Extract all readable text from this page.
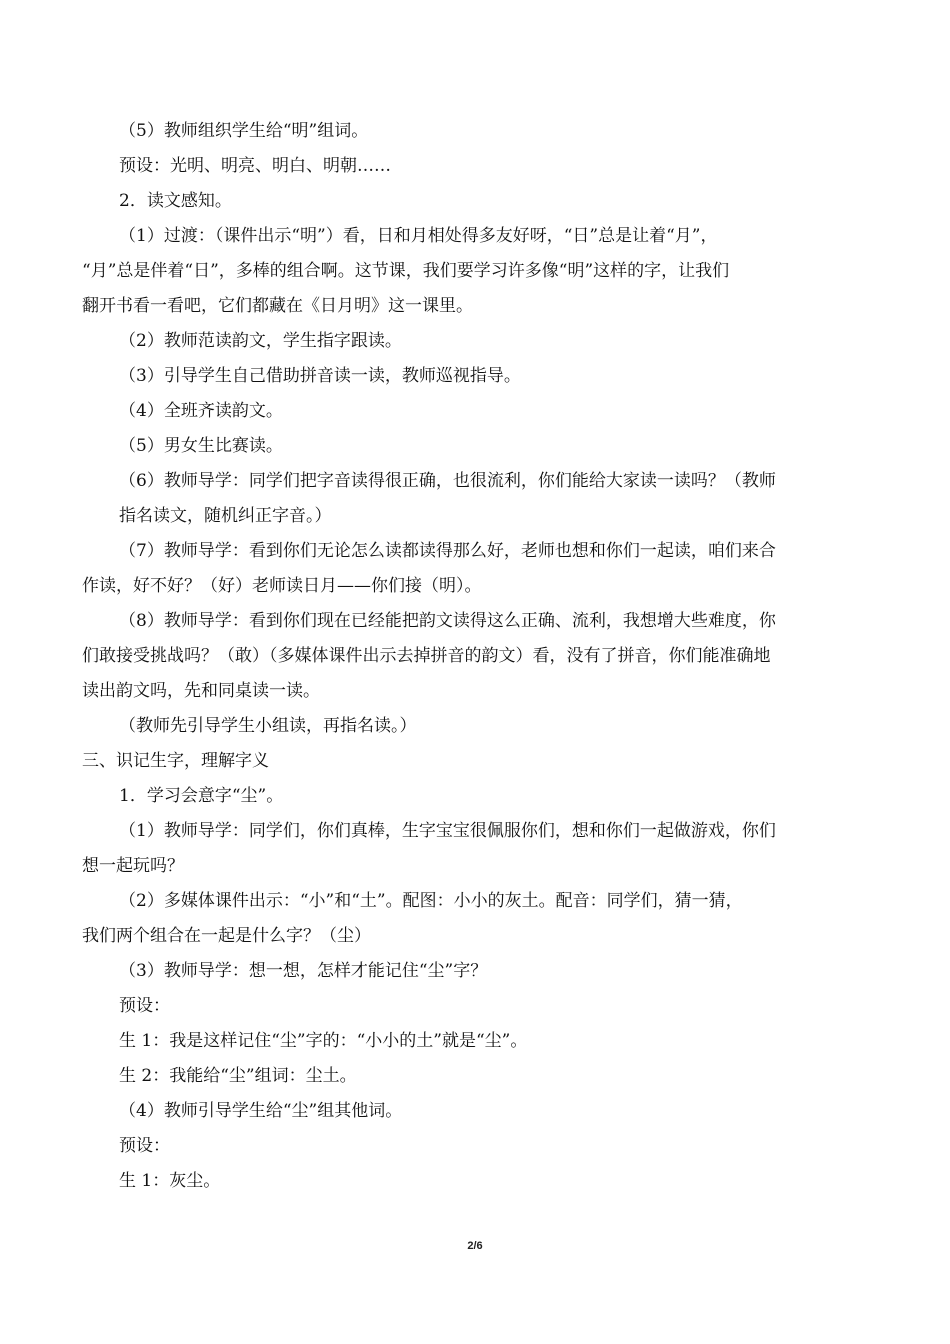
（5）教师组织学生给“明”组词。
预设：光明、明亮、明白、明朝……
2．读文感知。
（1）过渡：（课件出示“明”）看，日和月相处得多友好呀，“日”总是让着“月”，
“月”总是伴着“日”，多棒的组合啊。这节课，我们要学习许多像“明”这样的字，让我们
翻开书看一看吧，它们都藏在《日月明》这一课里。
（2）教师范读韵文，学生指字跟读。
（3）引导学生自己借助拼音读一读，教师巡视指导。
（4）全班齐读韵文。
（5）男女生比赛读。
（6）教师导学：同学们把字音读得很正确，也很流利，你们能给大家读一读吗？（教师
指名读文，随机纠正字音。）
（7）教师导学：看到你们无论怎么读都读得那么好，老师也想和你们一起读，咱们来合
作读，好不好？（好）老师读日月——你们接（明）。
（8）教师导学：看到你们现在已经能把韵文读得这么正确、流利，我想增大些难度，你
们敢接受挑战吗？（敢）（多媒体课件出示去掉拼音的韵文）看，没有了拼音，你们能准确地
读出韵文吗，先和同桌读一读。
（教师先引导学生小组读，再指名读。）
三、识记生字，理解字义
1．学习会意字“尘”。
（1）教师导学：同学们，你们真棒，生字宝宝很佩服你们，想和你们一起做游戏，你们
想一起玩吗？
（2）多媒体课件出示：“小”和“土”。配图：小小的灰土。配音：同学们，猜一猜，
我们两个组合在一起是什么字？（尘）
（3）教师导学：想一想，怎样才能记住“尘”字？
预设：
生 1：我是这样记住“尘”字的：“小小的土”就是“尘”。
生 2：我能给“尘”组词：尘土。
（4）教师引导学生给“尘”组其他词。
预设：
生 1：灰尘。
2/6
